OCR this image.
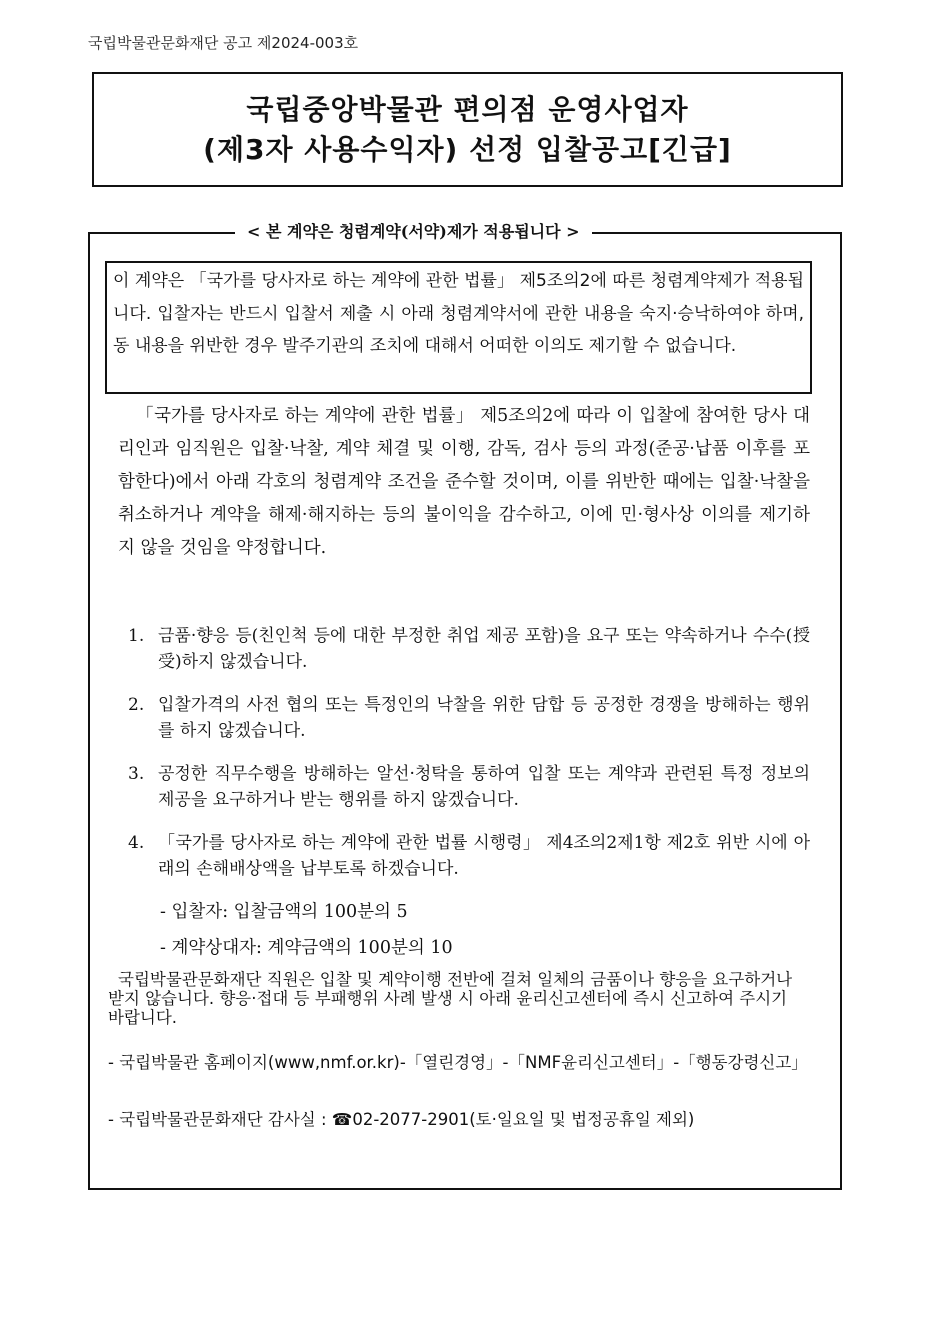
국립박물관문화재단 공고 제2024-003호
국립중앙박물관 편의점 운영사업자
(제3자 사용수익자) 선정 입찰공고[긴급]
< 본 계약은 청렴계약(서약)제가 적용됩니다 >
이 계약은 「국가를 당사자로 하는 계약에 관한 법률」 제5조의2에 따른 청렴계약제가 적용됩니다. 입찰자는 반드시 입찰서 제출 시 아래 청렴계약서에 관한 내용을 숙지·승낙하여야 하며, 동 내용을 위반한 경우 발주기관의 조치에 대해서 어떠한 이의도 제기할 수 없습니다.
「국가를 당사자로 하는 계약에 관한 법률」 제5조의2에 따라 이 입찰에 참여한 당사 대리인과 임직원은 입찰·낙찰, 계약 체결 및 이행, 감독, 검사 등의 과정(준공·납품 이후를 포함한다)에서 아래 각호의 청렴계약 조건을 준수할 것이며, 이를 위반한 때에는 입찰·낙찰을 취소하거나 계약을 해제·해지하는 등의 불이익을 감수하고, 이에 민·형사상 이의를 제기하지 않을 것임을 약정합니다.
1. 금품·향응 등(친인척 등에 대한 부정한 취업 제공 포함)을 요구 또는 약속하거나 수수(授受)하지 않겠습니다.
2. 입찰가격의 사전 협의 또는 특정인의 낙찰을 위한 담합 등 공정한 경쟁을 방해하는 행위를 하지 않겠습니다.
3. 공정한 직무수행을 방해하는 알선·청탁을 통하여 입찰 또는 계약과 관련된 특정 정보의 제공을 요구하거나 받는 행위를 하지 않겠습니다.
4. 「국가를 당사자로 하는 계약에 관한 법률 시행령」 제4조의2제1항 제2호 위반 시에 아래의 손해배상액을 납부토록 하겠습니다.
- 입찰자: 입찰금액의 100분의 5
- 계약상대자: 계약금액의 100분의 10
국립박물관문화재단 직원은 입찰 및 계약이행 전반에 걸쳐 일체의 금품이나 향응을 요구하거나 받지 않습니다. 향응·접대 등 부패행위 사례 발생 시 아래 윤리신고센터에 즉시 신고하여 주시기 바랍니다.
- 국립박물관 홈페이지(www,nmf.or.kr)-「열린경영」-「NMF윤리신고센터」-「행동강령신고」
- 국립박물관문화재단 감사실 : ☎02-2077-2901(토·일요일 및 법정공휴일 제외)
